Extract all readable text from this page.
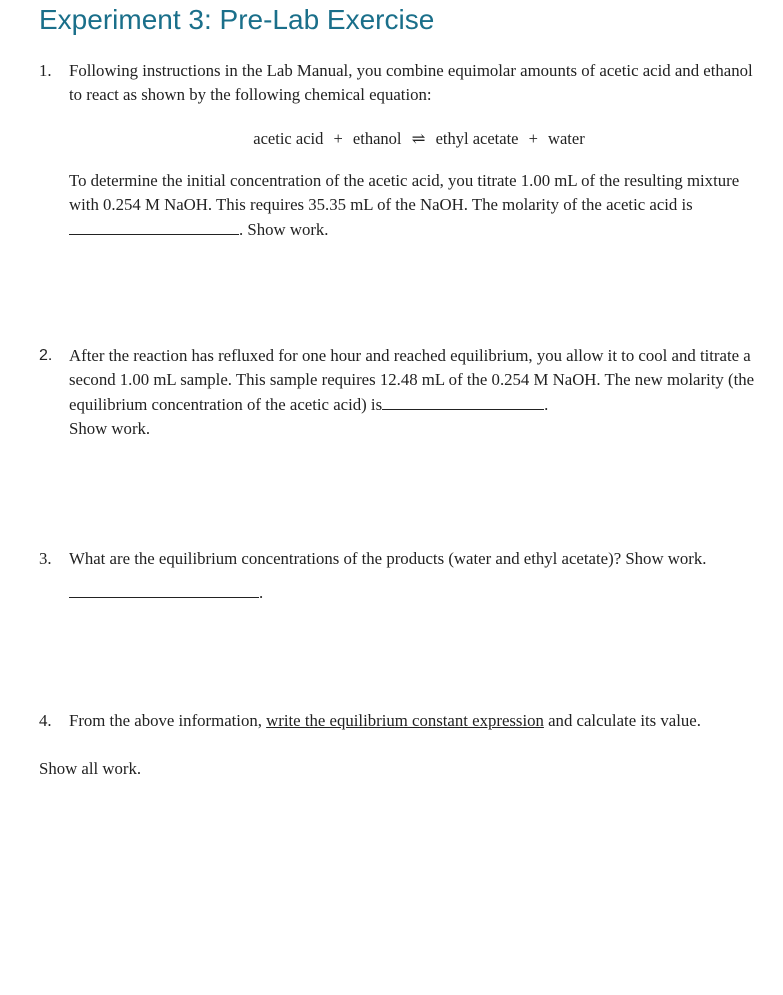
Experiment 3: Pre-Lab Exercise
1.	Following instructions in the Lab Manual, you combine equimolar amounts of acetic acid and ethanol to react as shown by the following chemical equation:
acetic acid + ethanol ⇌ ethyl acetate + water
To determine the initial concentration of the acetic acid, you titrate 1.00 mL of the resulting mixture with 0.254 M NaOH. This requires 35.35 mL of the NaOH. The molarity of the acetic acid is. Show work.
2. After the reaction has refluxed for one hour and reached equilibrium, you allow it to cool and titrate a second 1.00 mL sample. This sample requires 12.48 mL of the 0.254 M NaOH. The new molarity (the equilibrium concentration of the acetic acid) is	.
Show work.
3.	What are the equilibrium concentrations of the products (water and ethyl acetate)? Show work.
.
4.	From the above information, write the equilibrium constant expression and calculate its value.
Show all work.
